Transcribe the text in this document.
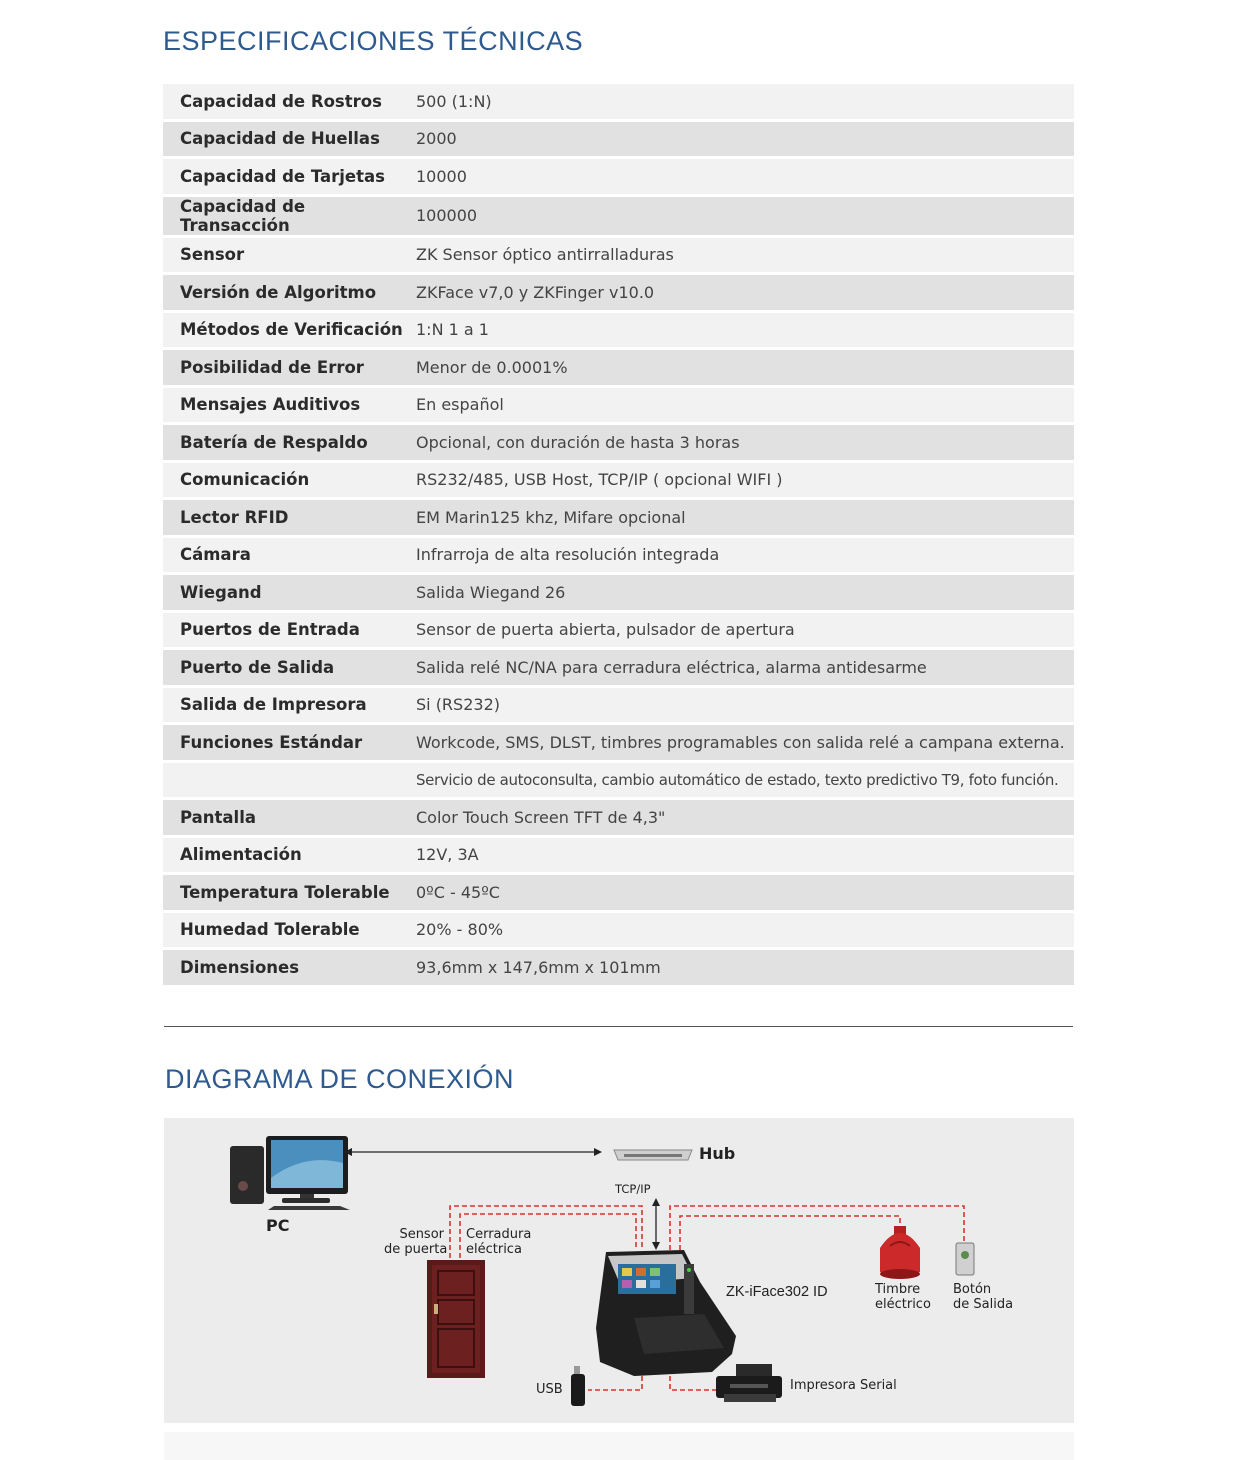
ESPECIFICACIONES TÉCNICAS
Capacidad de Rostros	500 (1:N)
Capacidad de Huellas	2000
Capacidad de Tarjetas	10000
Capacidad de Transacción	100000
Sensor	ZK Sensor óptico antirralladuras
Versión de Algoritmo	ZKFace v7,0 y ZKFinger v10.0
Métodos de Verificación	1:N 1 a 1
Posibilidad de Error	Menor de 0.0001%
Mensajes Auditivos	En español
Batería de Respaldo	Opcional, con duración de hasta 3 horas
Comunicación	RS232/485, USB Host, TCP/IP ( opcional WIFI )
Lector RFID	EM Marin125 khz, Mifare opcional
Cámara	Infrarroja de alta resolución integrada
Wiegand	Salida Wiegand 26
Puertos de Entrada	Sensor de puerta abierta, pulsador de apertura
Puerto de Salida	Salida relé NC/NA para cerradura eléctrica, alarma antidesarme
Salida de Impresora	Si (RS232)
Funciones Estándar	Workcode, SMS, DLST, timbres programables con salida relé a campana externa.
	Servicio de autoconsulta, cambio automático de estado, texto predictivo T9, foto función.
Pantalla	Color Touch Screen TFT de 4,3"
Alimentación	12V, 3A
Temperatura Tolerable	0ºC - 45ºC
Humedad Tolerable	20% - 80%
Dimensiones	93,6mm x 147,6mm x 101mm
DIAGRAMA DE CONEXIÓN
PC
Hub
TCP/IP
Sensor
de puerta
Cerradura
eléctrica
ZK-iFace302 ID	Timbre
eléctrico
Botón
de Salida
USB	Impresora Serial
